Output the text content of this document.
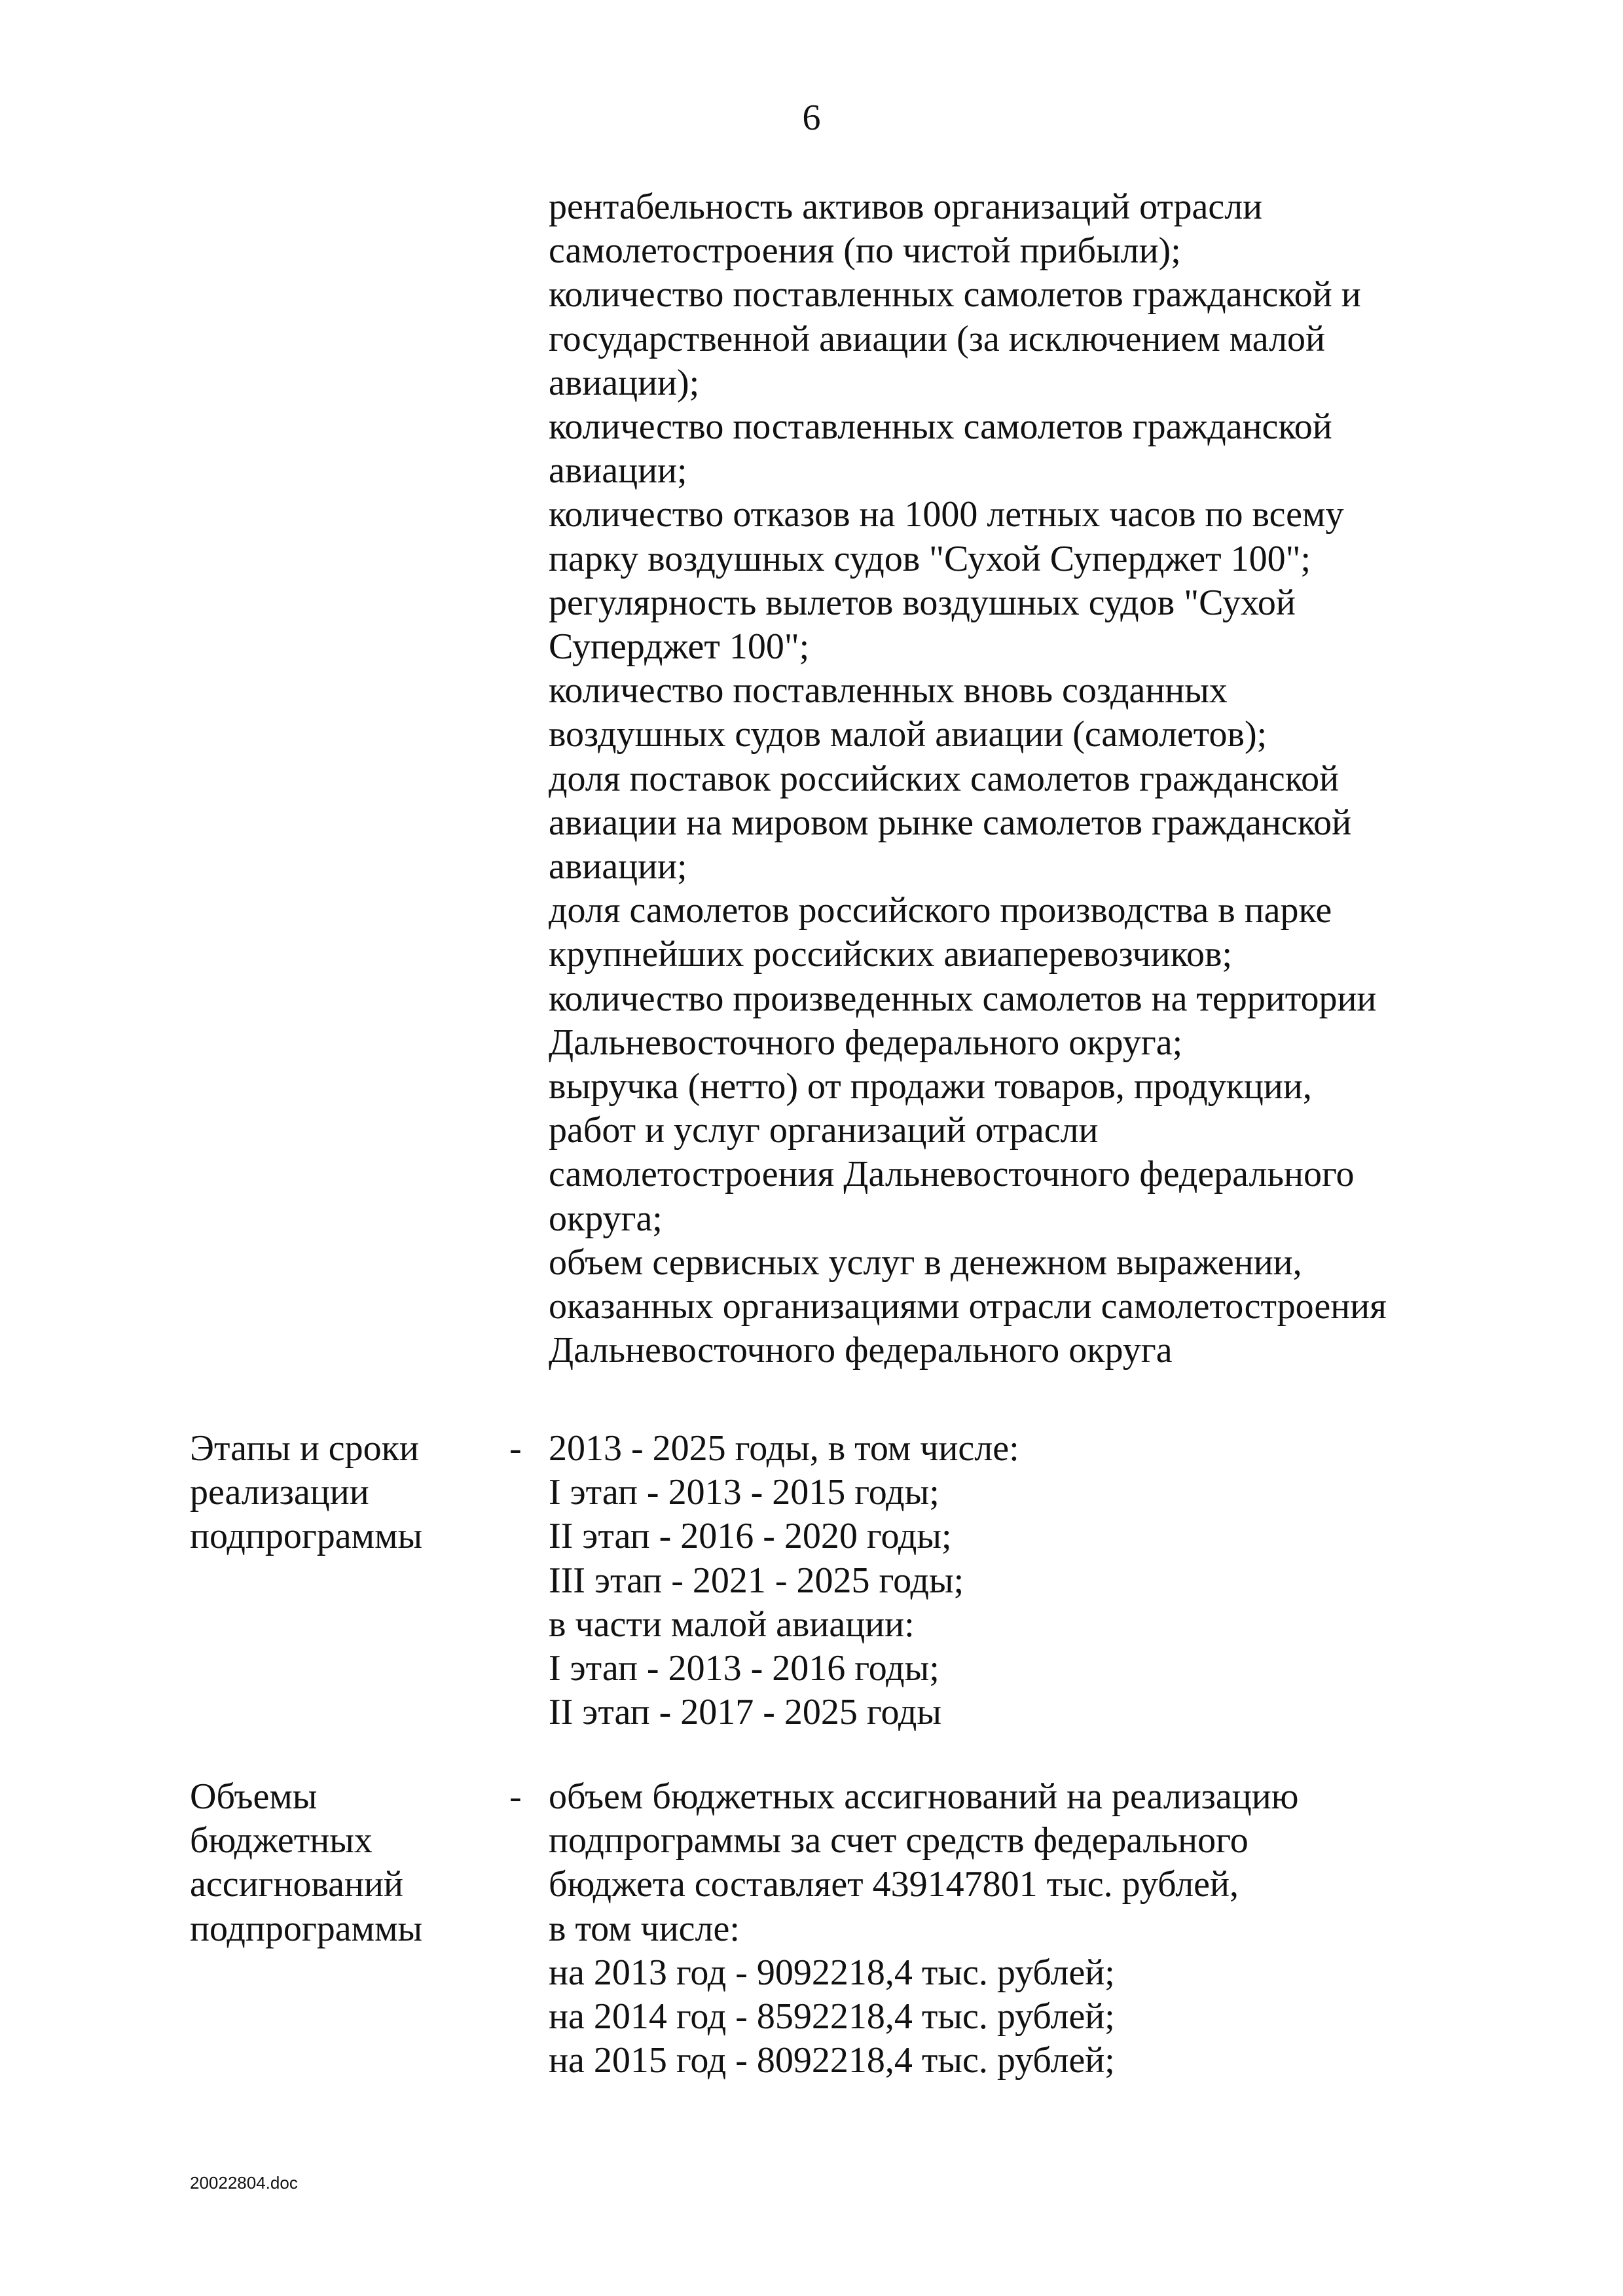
6
рентабельность активов организаций отрасли
самолетостроения (по чистой прибыли);
количество поставленных самолетов гражданской и
государственной авиации (за исключением малой
авиации);
количество поставленных самолетов гражданской
авиации;
количество отказов на 1000 летных часов по всему
парку воздушных судов "Сухой Суперджет 100";
регулярность вылетов воздушных судов "Сухой
Суперджет 100";
количество поставленных вновь созданных
воздушных судов малой авиации (самолетов);
доля поставок российских самолетов гражданской
авиации на мировом рынке самолетов гражданской
авиации;
доля самолетов российского производства в парке
крупнейших российских авиаперевозчиков;
количество произведенных самолетов на территории
Дальневосточного федерального округа;
выручка (нетто) от продажи товаров, продукции,
работ и услуг организаций отрасли
самолетостроения Дальневосточного федерального
округа;
объем сервисных услуг в денежном выражении,
оказанных организациями отрасли самолетостроения
Дальневосточного федерального округа
Этапы и сроки
реализации
подпрограммы
- 2013 - 2025 годы, в том числе:
I этап - 2013 - 2015 годы;
II этап - 2016 - 2020 годы;
III этап - 2021 - 2025 годы;
в части малой авиации:
I этап - 2013 - 2016 годы;
II этап - 2017 - 2025 годы
Объемы
бюджетных
ассигнований
подпрограммы
- объем бюджетных ассигнований на реализацию
подпрограммы за счет средств федерального
бюджета составляет 439147801 тыс. рублей,
в том числе:
на 2013 год - 9092218,4 тыс. рублей;
на 2014 год - 8592218,4 тыс. рублей;
на 2015 год - 8092218,4 тыс. рублей;
20022804.doc
